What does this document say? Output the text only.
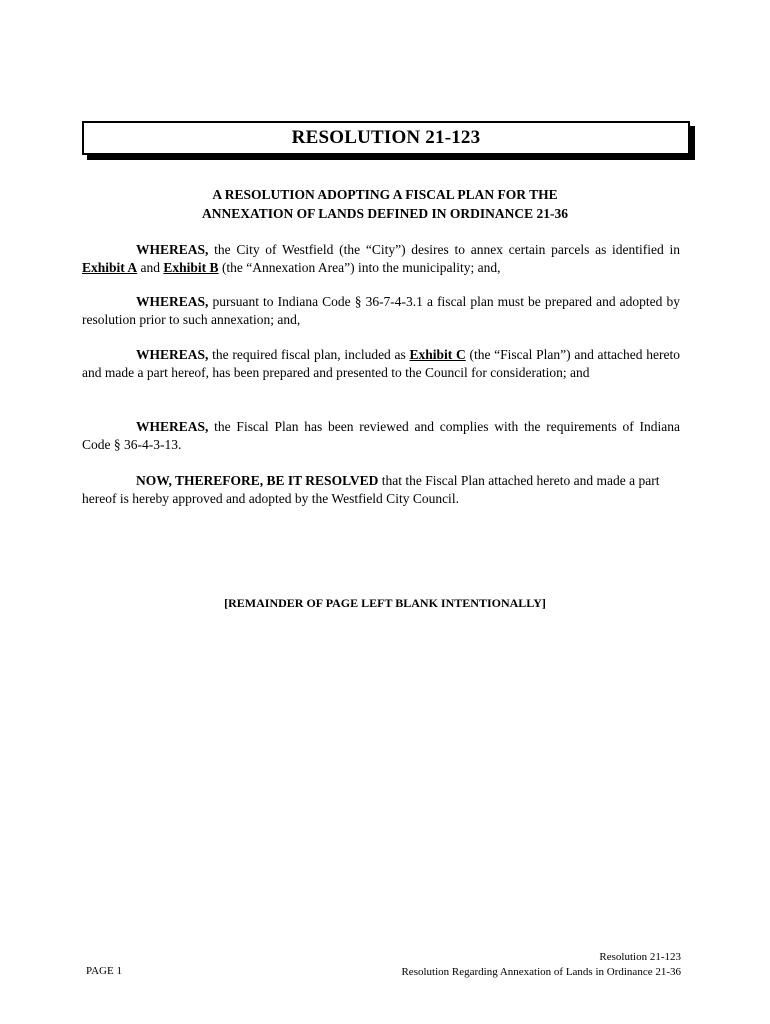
RESOLUTION 21-123
A RESOLUTION ADOPTING A FISCAL PLAN FOR THE
ANNEXATION OF LANDS DEFINED IN ORDINANCE 21-36
WHEREAS, the City of Westfield (the “City”) desires to annex certain parcels as identified in Exhibit A and Exhibit B (the “Annexation Area”) into the municipality; and,
WHEREAS, pursuant to Indiana Code § 36-7-4-3.1 a fiscal plan must be prepared and adopted by resolution prior to such annexation; and,
WHEREAS, the required fiscal plan, included as Exhibit C (the “Fiscal Plan”) and attached hereto and made a part hereof, has been prepared and presented to the Council for consideration; and
WHEREAS, the Fiscal Plan has been reviewed and complies with the requirements of Indiana Code § 36-4-3-13.
NOW, THEREFORE, BE IT RESOLVED that the Fiscal Plan attached hereto and made a part hereof is hereby approved and adopted by the Westfield City Council.
[REMAINDER OF PAGE LEFT BLANK INTENTIONALLY]
PAGE 1
Resolution 21-123
Resolution Regarding Annexation of Lands in Ordinance 21-36
